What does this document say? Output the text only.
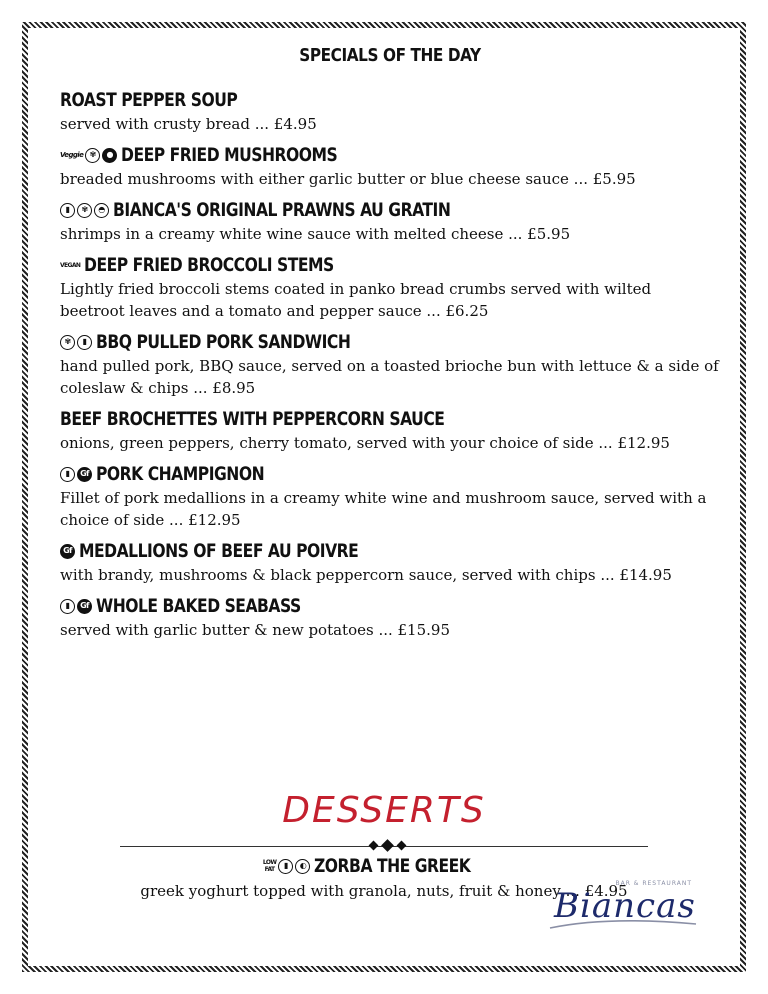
SPECIALS OF THE DAY
ROAST PEPPER SOUP
served with crusty bread ... £4.95
Veggie ✾	● DEEP FRIED MUSHROOMS
breaded mushrooms with either garlic butter or blue cheese sauce ... £5.95
▮	✾	◓ BIANCA'S ORIGINAL PRAWNS AU GRATIN
shrimps in a creamy white wine sauce with melted cheese ... £5.95
VEGAN DEEP FRIED BROCCOLI STEMS
Lightly fried broccoli stems coated in panko bread crumbs served with wilted beetroot leaves and a tomato and pepper sauce ... £6.25
✾	▮ BBQ PULLED PORK SANDWICH
hand pulled pork, BBQ sauce, served on a toasted brioche bun with lettuce & a side of coleslaw & chips ... £8.95
BEEF BROCHETTES WITH PEPPERCORN SAUCE
onions, green peppers, cherry tomato, served with your choice of side ... £12.95
▮	Gf PORK CHAMPIGNON
Fillet of pork medallions in a creamy white wine and mushroom sauce, served with a choice of side ... £12.95
Gf MEDALLIONS OF BEEF AU POIVRE
with brandy, mushrooms & black peppercorn sauce, served with chips ... £14.95
▮	Gf WHOLE BAKED SEABASS
served with garlic butter & new potatoes ... £15.95
DESSERTS
LOW
FAT	▮	◐ ZORBA THE GREEK
greek yoghurt topped with granola, nuts, fruit & honey ... £4.95
BAR & RESTAURANT
Biancas
